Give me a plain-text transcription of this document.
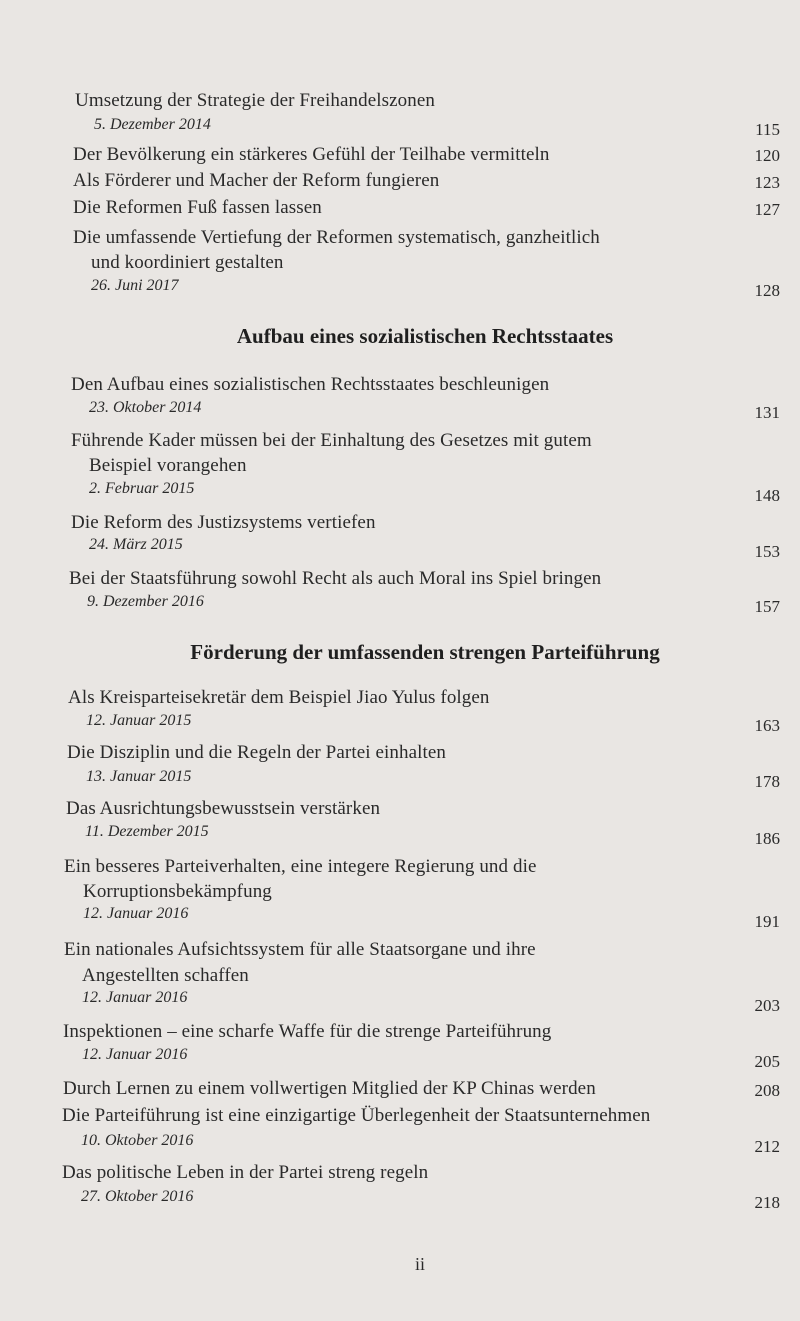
Umsetzung der Strategie der Freihandelszonen
5. Dezember 2014	115
Der Bevölkerung ein stärkeres Gefühl der Teilhabe vermitteln	120
Als Förderer und Macher der Reform fungieren	123
Die Reformen Fuß fassen lassen	127
Die umfassende Vertiefung der Reformen systematisch, ganzheitlich
und koordiniert gestalten
26. Juni 2017	128
Aufbau eines sozialistischen Rechtsstaates
Den Aufbau eines sozialistischen Rechtsstaates beschleunigen
23. Oktober 2014	131
Führende Kader müssen bei der Einhaltung des Gesetzes mit gutem
Beispiel vorangehen
2. Februar 2015	148
Die Reform des Justizsystems vertiefen
24. März 2015	153
Bei der Staatsführung sowohl Recht als auch Moral ins Spiel bringen
9. Dezember 2016	157
Förderung der umfassenden strengen Parteiführung
Als Kreisparteisekretär dem Beispiel Jiao Yulus folgen
12. Januar 2015	163
Die Disziplin und die Regeln der Partei einhalten
13. Januar 2015	178
Das Ausrichtungsbewusstsein verstärken
11. Dezember 2015	186
Ein besseres Parteiverhalten, eine integere Regierung und die
Korruptionsbekämpfung
12. Januar 2016	191
Ein nationales Aufsichtssystem für alle Staatsorgane und ihre
Angestellten schaffen
12. Januar 2016	203
Inspektionen – eine scharfe Waffe für die strenge Parteiführung
12. Januar 2016	205
Durch Lernen zu einem vollwertigen Mitglied der KP Chinas werden	208
Die Parteiführung ist eine einzigartige Überlegenheit der Staatsunternehmen
10. Oktober 2016	212
Das politische Leben in der Partei streng regeln
27. Oktober 2016	218
ii
